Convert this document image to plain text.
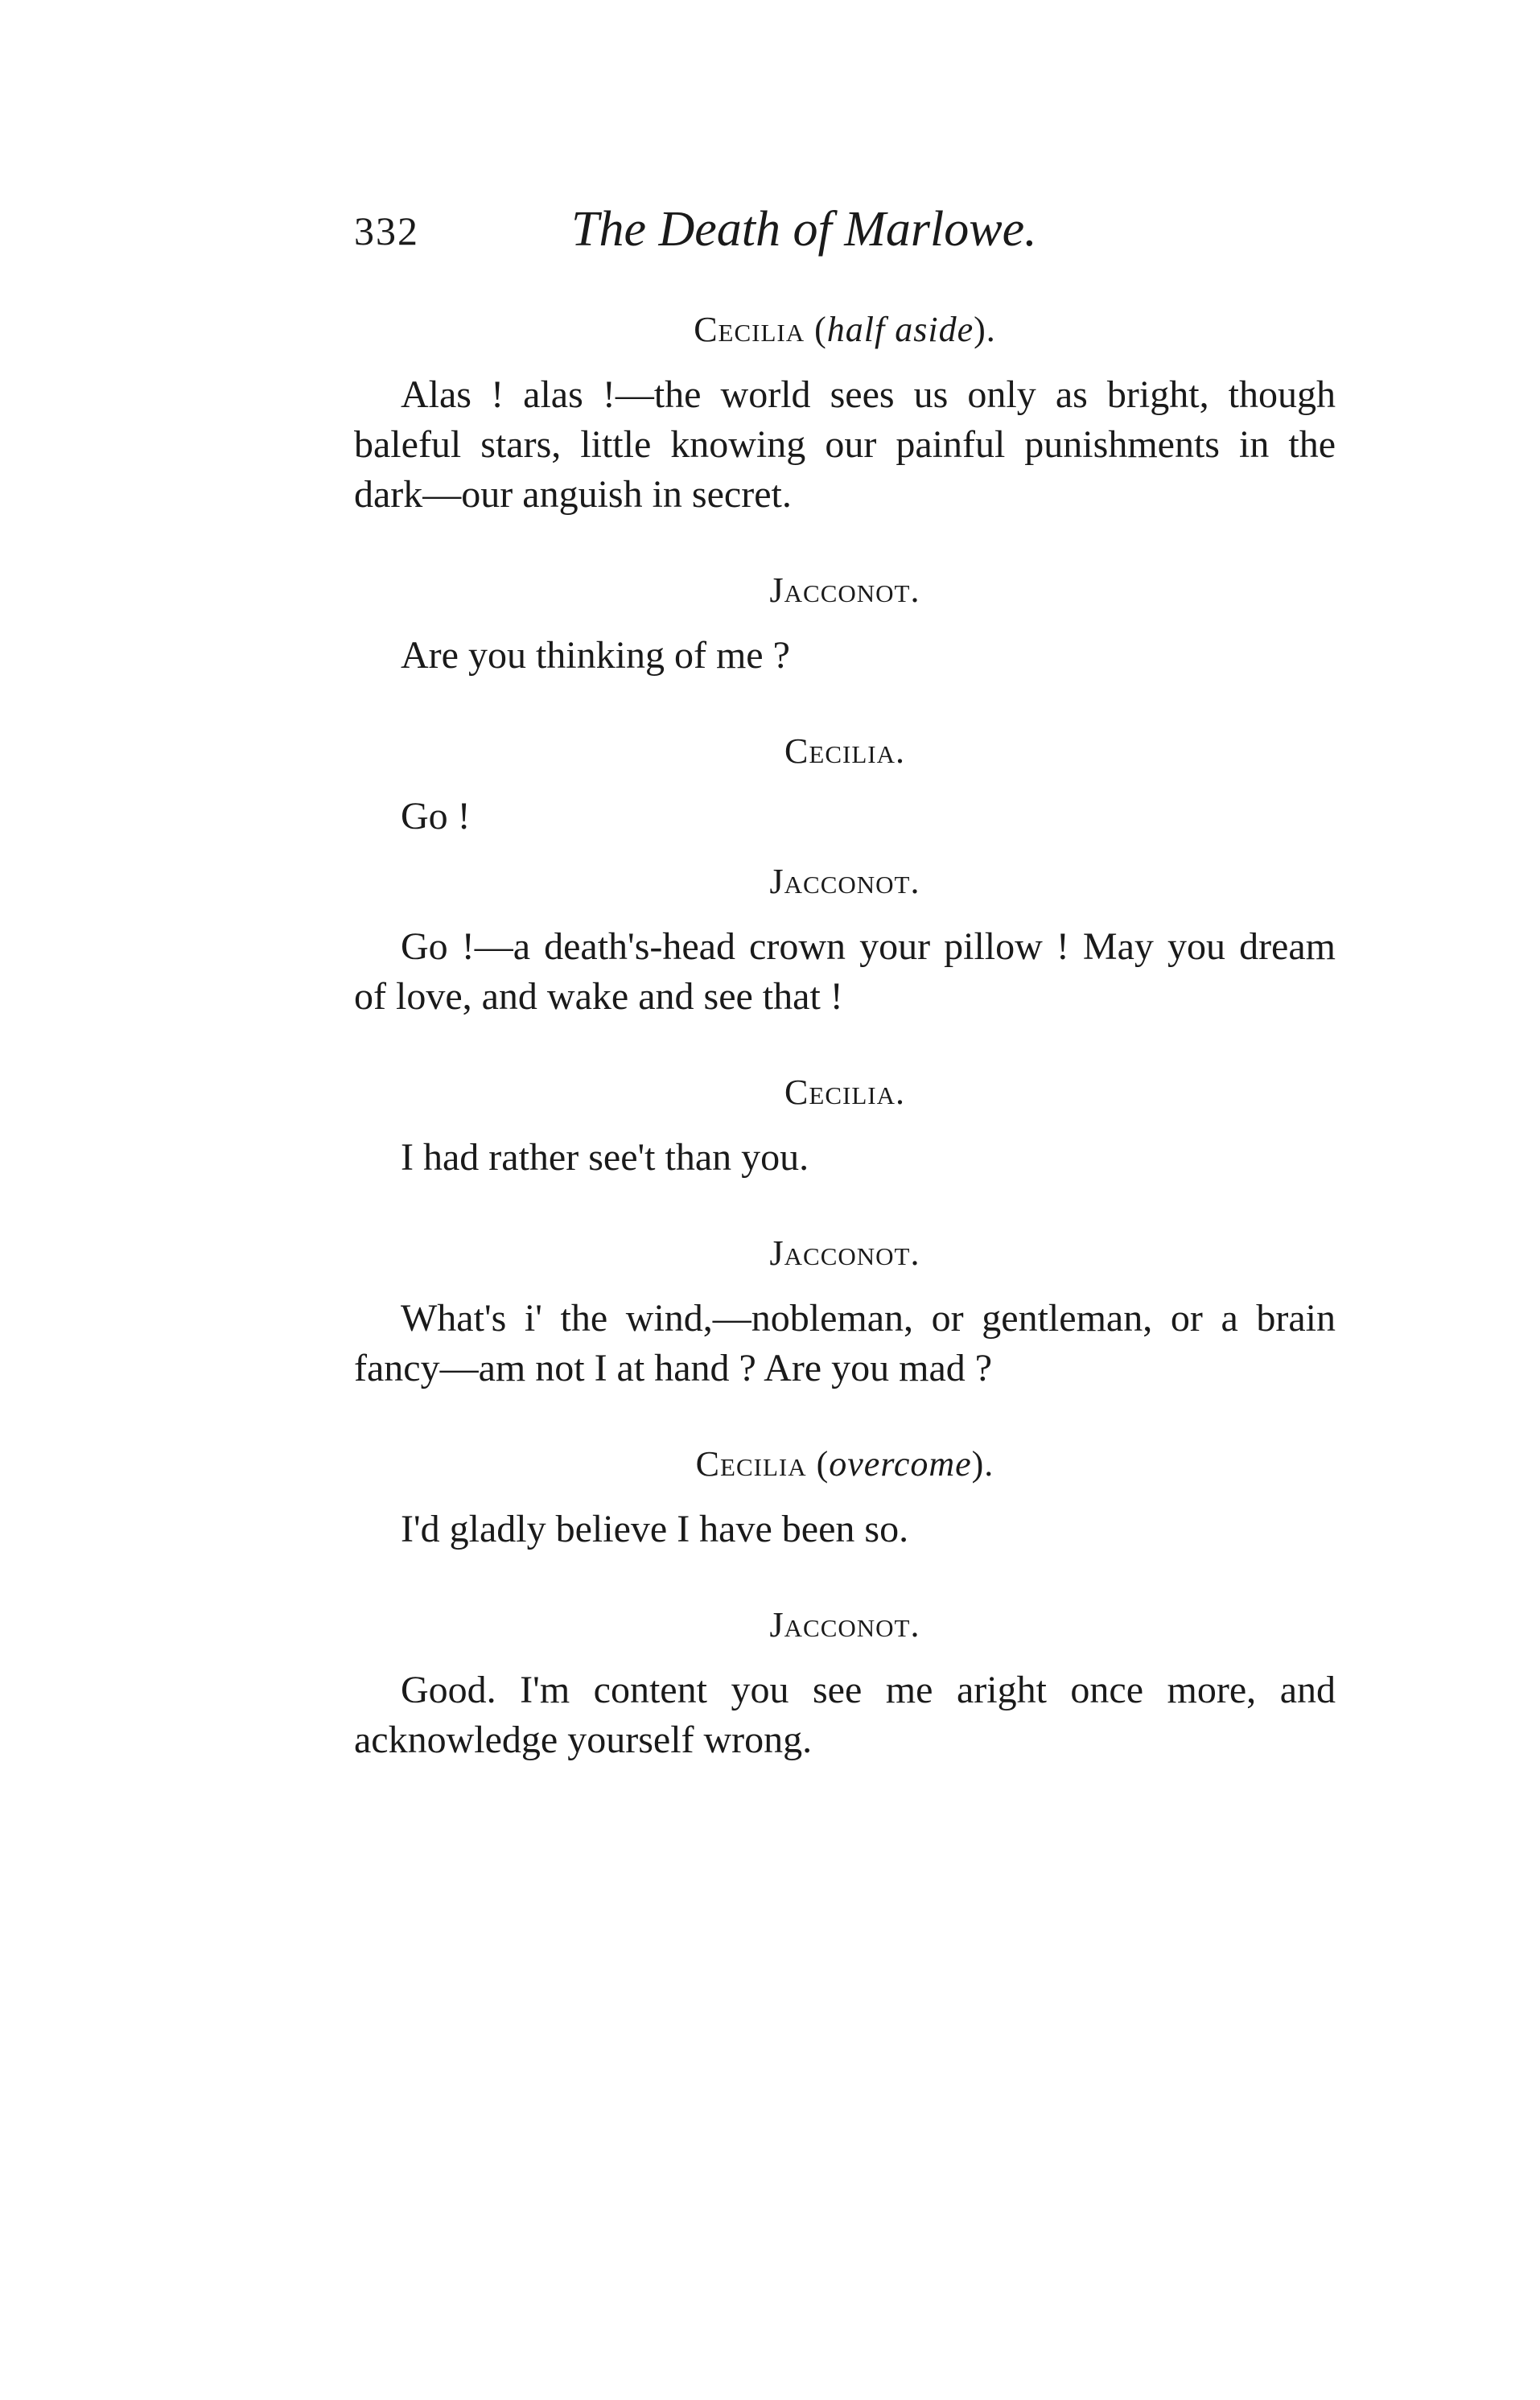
332	The Death of Marlowe.

Cecilia (half aside).

Alas ! alas !—the world sees us only as bright, though baleful stars, little knowing our painful punishments in the dark—our anguish in secret.

Jacconot.

Are you thinking of me ?

Cecilia.

Go !

Jacconot.

Go !—a death's-head crown your pillow ! May you dream of love, and wake and see that !

Cecilia.

I had rather see't than you.

Jacconot.

What's i' the wind,—nobleman, or gentleman, or a brain fancy—am not I at hand ? Are you mad ?

Cecilia (overcome).

I'd gladly believe I have been so.

Jacconot.

Good. I'm content you see me aright once more, and acknowledge yourself wrong.
